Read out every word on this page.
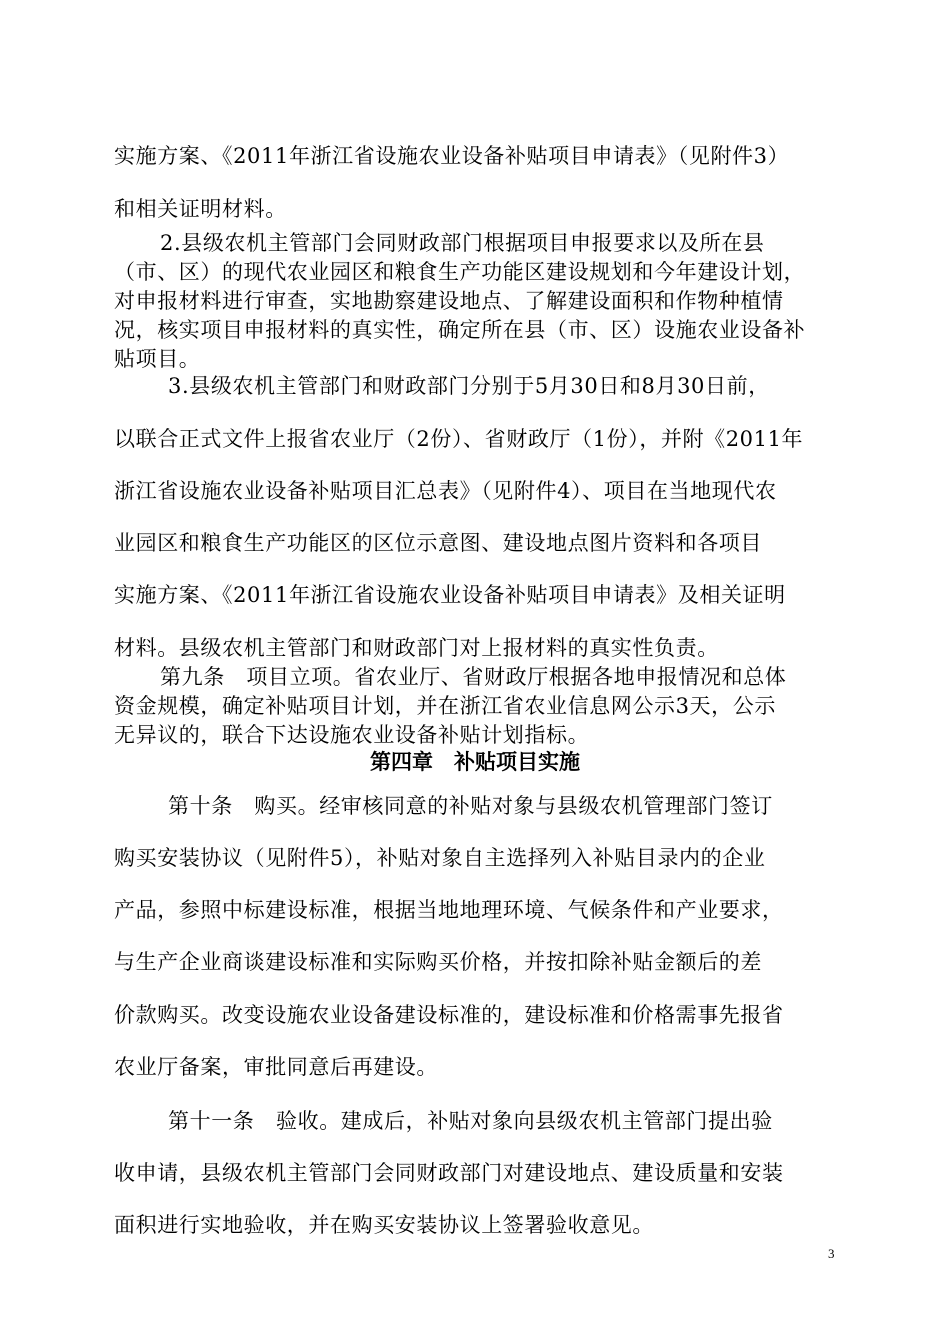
实施方案、《2011年浙江省设施农业设备补贴项目申请表》（见附件3）
和相关证明材料。
2.县级农机主管部门会同财政部门根据项目申报要求以及所在县
（市、区）的现代农业园区和粮食生产功能区建设规划和今年建设计划，
对申报材料进行审查，实地勘察建设地点、了解建设面积和作物种植情
况，核实项目申报材料的真实性，确定所在县（市、区）设施农业设备补
贴项目。
3.县级农机主管部门和财政部门分别于5月30日和8月30日前，
以联合正式文件上报省农业厅（2份）、省财政厅（1份），并附《2011年
浙江省设施农业设备补贴项目汇总表》（见附件4）、项目在当地现代农
业园区和粮食生产功能区的区位示意图、建设地点图片资料和各项目
实施方案、《2011年浙江省设施农业设备补贴项目申请表》及相关证明
材料。县级农机主管部门和财政部门对上报材料的真实性负责。
第九条　项目立项。省农业厅、省财政厅根据各地申报情况和总体
资金规模，确定补贴项目计划，并在浙江省农业信息网公示3天，公示
无异议的，联合下达设施农业设备补贴计划指标。
第四章　补贴项目实施
第十条　购买。经审核同意的补贴对象与县级农机管理部门签订
购买安装协议（见附件5），补贴对象自主选择列入补贴目录内的企业
产品，参照中标建设标准，根据当地地理环境、气候条件和产业要求，
与生产企业商谈建设标准和实际购买价格，并按扣除补贴金额后的差
价款购买。改变设施农业设备建设标准的，建设标准和价格需事先报省
农业厅备案，审批同意后再建设。
第十一条　验收。建成后，补贴对象向县级农机主管部门提出验
收申请，县级农机主管部门会同财政部门对建设地点、建设质量和安装
面积进行实地验收，并在购买安装协议上签署验收意见。
3
